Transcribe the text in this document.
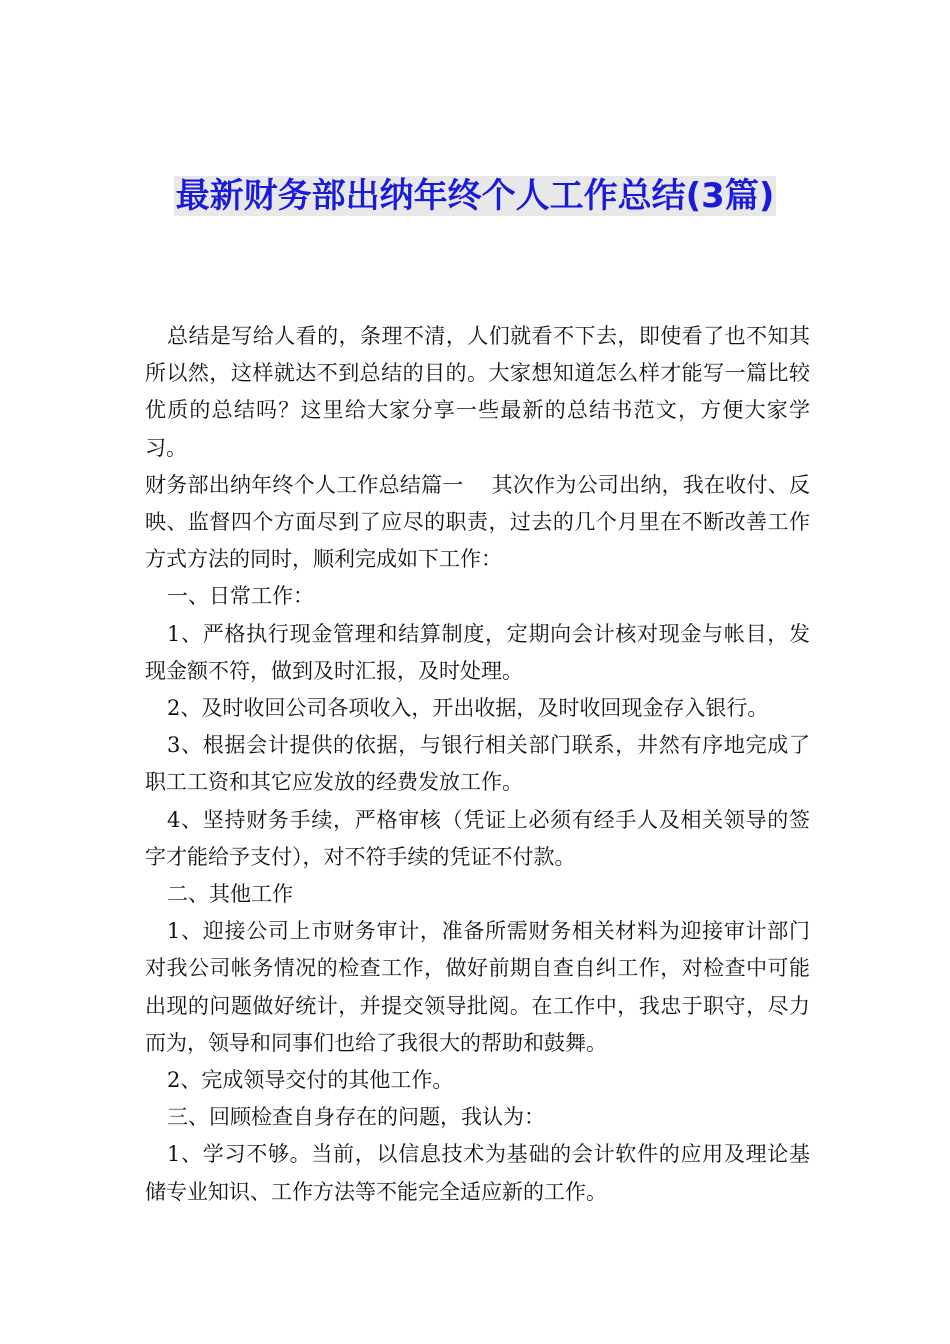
最新财务部出纳年终个人工作总结(3篇)

总结是写给人看的，条理不清，人们就看不下去，即使看了也不知其所以然，这样就达不到总结的目的。大家想知道怎么样才能写一篇比较优质的总结吗？这里给大家分享一些最新的总结书范文，方便大家学习。

财务部出纳年终个人工作总结篇一　 其次作为公司出纳，我在收付、反映、监督四个方面尽到了应尽的职责，过去的几个月里在不断改善工作方式方法的同时，顺利完成如下工作：

一、日常工作：

1、严格执行现金管理和结算制度，定期向会计核对现金与帐目，发现金额不符，做到及时汇报，及时处理。

2、及时收回公司各项收入，开出收据，及时收回现金存入银行。

3、根据会计提供的依据，与银行相关部门联系，井然有序地完成了职工工资和其它应发放的经费发放工作。

4、坚持财务手续，严格审核（凭证上必须有经手人及相关领导的签字才能给予支付），对不符手续的凭证不付款。

二、其他工作

1、迎接公司上市财务审计，准备所需财务相关材料为迎接审计部门对我公司帐务情况的检查工作，做好前期自查自纠工作，对检查中可能出现的问题做好统计，并提交领导批阅。在工作中，我忠于职守，尽力而为，领导和同事们也给了我很大的帮助和鼓舞。

2、完成领导交付的其他工作。

三、回顾检查自身存在的问题，我认为：

1、学习不够。当前，以信息技术为基础的会计软件的应用及理论基储专业知识、工作方法等不能完全适应新的工作。
